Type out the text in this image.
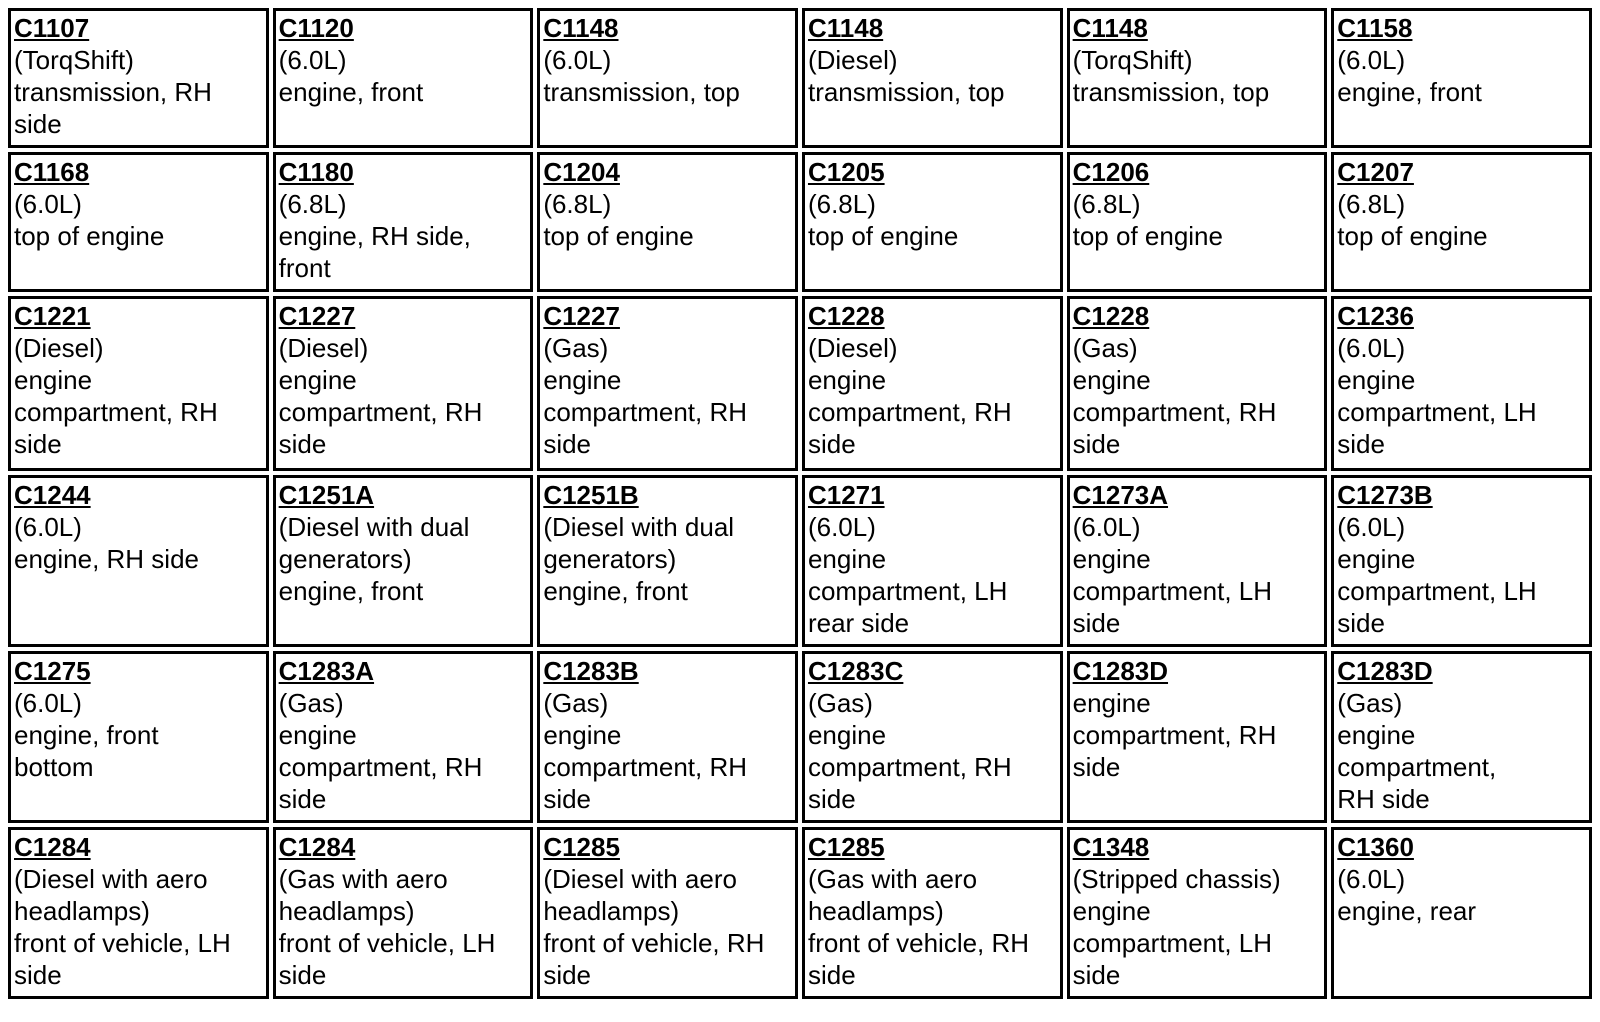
C1107
(TorqShift)
transmission, RH
side	C1120
(6.0L)
engine, front	C1148
(6.0L)
transmission, top	C1148
(Diesel)
transmission, top	C1148
(TorqShift)
transmission, top	C1158
(6.0L)
engine, front

C1168
(6.0L)
top of engine	C1180
(6.8L)
engine, RH side,
front	C1204
(6.8L)
top of engine	C1205
(6.8L)
top of engine	C1206
(6.8L)
top of engine	C1207
(6.8L)
top of engine

C1221
(Diesel)
engine
compartment, RH
side	C1227
(Diesel)
engine
compartment, RH
side	C1227
(Gas)
engine
compartment, RH
side	C1228
(Diesel)
engine
compartment, RH
side	C1228
(Gas)
engine
compartment, RH
side	C1236
(6.0L)
engine
compartment, LH
side

C1244
(6.0L)
engine, RH side	C1251A
(Diesel with dual
generators)
engine, front	C1251B
(Diesel with dual
generators)
engine, front	C1271
(6.0L)
engine
compartment, LH
rear side	C1273A
(6.0L)
engine
compartment, LH
side	C1273B
(6.0L)
engine
compartment, LH
side

C1275
(6.0L)
engine, front
bottom	C1283A
(Gas)
engine
compartment, RH
side	C1283B
(Gas)
engine
compartment, RH
side	C1283C
(Gas)
engine
compartment, RH
side	C1283D
engine
compartment, RH
side	C1283D
(Gas)
engine
compartment,
RH side

C1284
(Diesel with aero
headlamps)
front of vehicle, LH
side	C1284
(Gas with aero
headlamps)
front of vehicle, LH
side	C1285
(Diesel with aero
headlamps)
front of vehicle, RH
side	C1285
(Gas with aero
headlamps)
front of vehicle, RH
side	C1348
(Stripped chassis)
engine
compartment, LH
side	C1360
(6.0L)
engine, rear
